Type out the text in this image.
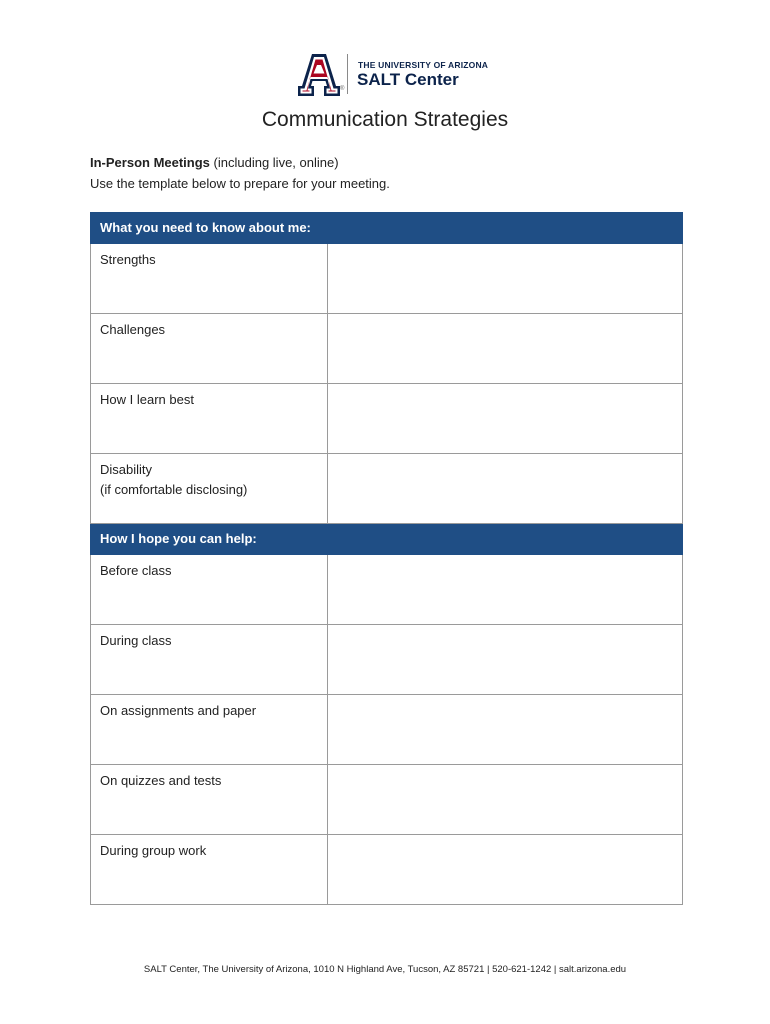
®
THE UNIVERSITY OF ARIZONA
SALT Center
Communication Strategies
In-Person Meetings (including live, online)
Use the template below to prepare for your meeting.
What you need to know about me:	
Strengths	
Challenges	
How I learn best	

Disability
(if comfortable disclosing)	

How I hope you can help:	
Before class	
During class	
On assignments and paper	
On quizzes and tests	
During group work	
SALT Center, The University of Arizona, 1010 N Highland Ave, Tucson, AZ 85721 | 520-621-1242 | salt.arizona.edu
